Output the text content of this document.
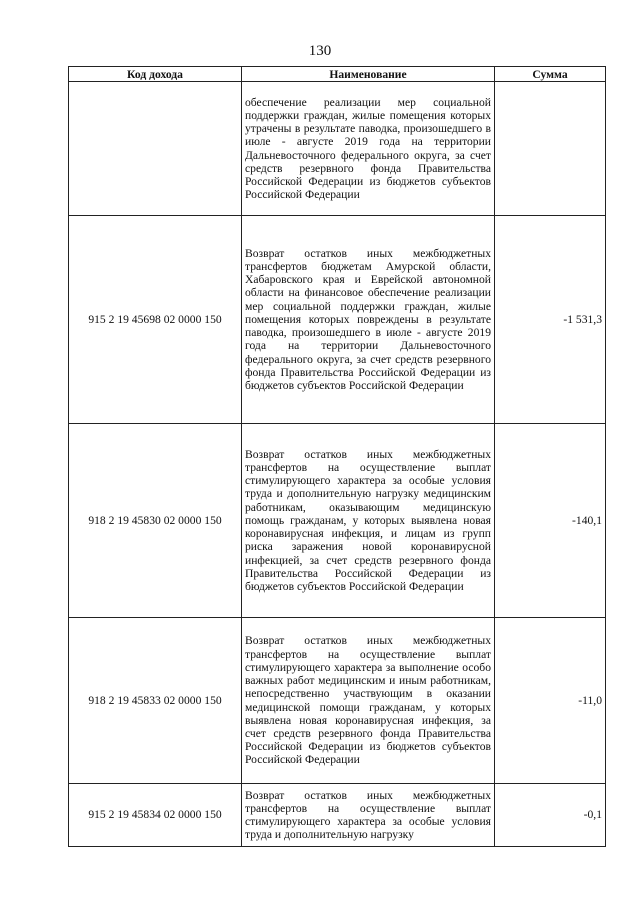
130
Код дохода	Наименование	Сумма
	обеспечение реализации мер социальной поддержки граждан, жилые помещения которых утрачены в результате паводка, произошедшего в июле - августе 2019 года на территории Дальневосточного федерального округа, за счет средств резервного фонда Правительства Российской Федерации из бюджетов субъектов Российской Федерации	
915 2 19 45698 02 0000 150	Возврат остатков иных межбюджетных трансфертов бюджетам Амурской области, Хабаровского края и Еврейской автономной области на финансовое обеспечение реализации мер социальной поддержки граждан, жилые помещения которых повреждены в результате паводка, произошедшего в июле - августе 2019 года на территории Дальневосточного федерального округа, за счет средств резервного фонда Правительства Российской Федерации из бюджетов субъектов Российской Федерации	-1 531,3
918 2 19 45830 02 0000 150	Возврат остатков иных межбюджетных трансфертов на осуществление выплат стимулирующего характера за особые условия труда и дополнительную нагрузку медицинским работникам, оказывающим медицинскую помощь гражданам, у которых выявлена новая коронавирусная инфекция, и лицам из групп риска заражения новой коронавирусной инфекцией, за счет средств резервного фонда Правительства Российской Федерации из бюджетов субъектов Российской Федерации	-140,1
918 2 19 45833 02 0000 150	Возврат остатков иных межбюджетных трансфертов на осуществление выплат стимулирующего характера за выполнение особо важных работ медицинским и иным работникам, непосредственно участвующим в оказании медицинской помощи гражданам, у которых выявлена новая коронавирусная инфекция, за счет средств резервного фонда Правительства Российской Федерации из бюджетов субъектов Российской Федерации	-11,0
915 2 19 45834 02 0000 150	Возврат остатков иных межбюджетных трансфертов на осуществление выплат стимулирующего характера за особые условия труда и дополнительную нагрузку	-0,1
